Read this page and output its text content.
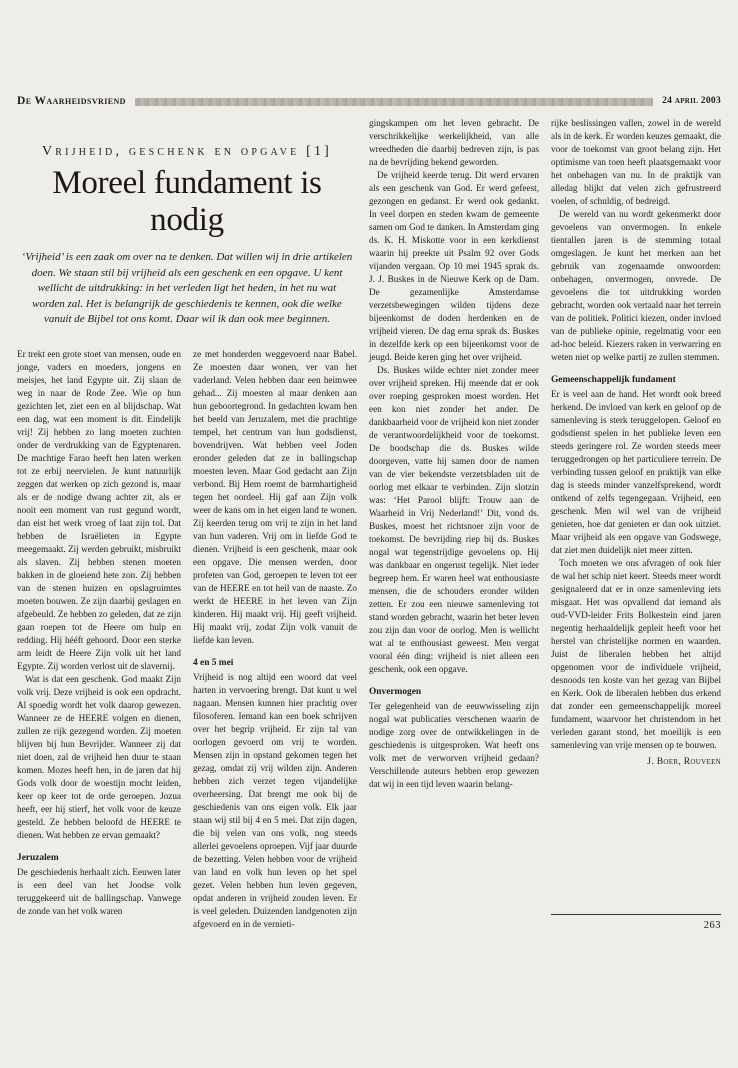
De Waarheidsvriend	24 april 2003
Vrijheid, geschenk en opgave [1]
Moreel fundament is nodig
‘Vrijheid’ is een zaak om over na te denken. Dat willen wij in drie artikelen doen. We staan stil bij vrijheid als een geschenk en een opgave. U kent wellicht de uitdrukking: in het verleden ligt het heden, in het nu wat worden zal. Het is belangrijk de geschiedenis te kennen, ook die welke vanuit de Bijbel tot ons komt. Daar wil ik dan ook mee beginnen.

Er trekt een grote stoet van mensen, oude en jonge, vaders en moeders, jongens en meisjes, het land Egypte uit. Zij slaan de weg in naar de Rode Zee. Wie op hun gezichten let, ziet een en al blijdschap. Wat een dag, wat een moment is dit. Eindelijk vrij! Zij hebben zo lang moeten zuchten onder de verdrukking van de Egyptenaren. De machtige Farao heeft hen laten werken tot ze erbij neervielen. Je kunt natuurlijk zeggen dat werken op zich gezond is, maar als er de nodige dwang achter zit, als er nooit een moment van rust gegund wordt, dan eist het werk vroeg of laat zijn tol. Dat hebben de Israëlieten in Egypte meegemaakt. Zij werden gebruikt, misbruikt als slaven. Zij hebben stenen moeten bakken in de gloeiend hete zon. Zij hebben van de stenen huizen en opslagruimtes moeten bouwen. Ze zijn daarbij geslagen en afgebeuld. Ze hebben zo geleden, dat ze zijn gaan roepen tot de Heere om hulp en redding. Hij hééft gehoord. Door een sterke arm leidt de Heere Zijn volk uit het land Egypte. Zij worden verlost uit de slavernij.

Wat is dat een geschenk. God maakt Zijn volk vrij. Deze vrijheid is ook een opdracht. Al spoedig wordt het volk daarop gewezen. Wanneer ze de HEERE volgen en dienen, zullen ze rijk gezegend worden. Zij moeten blijven bij hun Bevrijder. Wanneer zij dat niet doen, zal de vrijheid hen duur te staan komen. Mozes heeft hen, in de jaren dat hij Gods volk door de woestijn mocht leiden, keer op keer tot de orde geroepen. Jozua heeft, eer hij stierf, het volk voor de keuze gesteld. Ze hebben beloofd de HEERE te dienen. Wat hebben ze ervan gemaakt?

Jeruzalem

De geschiedenis herhaalt zich. Eeuwen later is een deel van het Joodse volk teruggekeerd uit de ballingschap. Vanwege de zonde van het volk waren

ze met honderden weggevoerd naar Babel. Ze moesten daar wonen, ver van het vaderland. Velen hebben daar een heimwee gehad... Zij moesten al maar denken aan hun geboortegrond. In gedachten kwam hen het beeld van Jeruzalem, met die prachtige tempel, het centrum van hun godsdienst, bovendrijven. Wat hebben veel Joden eronder geleden dat ze in ballingschap moesten leven. Maar God gedacht aan Zijn verbond. Bij Hem roemt de barmhartigheid tegen het oordeel. Hij gaf aan Zijn volk weer de kans om in het eigen land te wonen. Zij keerden terug om vrij te zijn in het land van hun vaderen. Vrij om in liefde God te dienen. Vrijheid is een geschenk, maar ook een opgave. Die mensen werden, door profeten van God, geroepen te leven tot eer van de HEERE en tot heil van de naaste. Zo werkt de HEERE in het leven van Zijn kinderen. Hij maakt vrij. Hij geeft vrijheid. Hij maakt vrij, zodat Zijn volk vanuit de liefde kan leven.

4 en 5 mei

Vrijheid is nog altijd een woord dat veel harten in vervoering brengt. Dat kunt u wel nagaan. Mensen kunnen hier prachtig over filosoferen. Iemand kan een boek schrijven over het begrip vrijheid. Er zijn tal van oorlogen gevoerd om vrij te worden. Mensen zijn in opstand gekomen tegen het gezag, omdat zij vrij wilden zijn. Anderen hebben zich verzet tegen vijandelijke overheersing. Dat brengt me ook bij de geschiedenis van ons eigen volk. Elk jaar staan wij stil bij 4 en 5 mei. Dat zijn dagen, die bij velen van ons volk, nog steeds allerlei gevoelens oproepen. Vijf jaar duurde de bezetting. Velen hebben voor de vrijheid van land en volk hun leven op het spel gezet. Velen hebben hun leven gegeven, opdat anderen in vrijheid zouden leven. Er is veel geleden. Duizenden landgenoten zijn afgevoerd en in de vernieti-

gingskampen om het leven gebracht. De verschrikkelijke werkelijkheid, van alle wreedheden die daarbij bedreven zijn, is pas na de bevrijding bekend geworden.

De vrijheid keerde terug. Dit werd ervaren als een geschenk van God. Er werd gefeest, gezongen en gedanst. Er werd ook gedankt. In veel dorpen en steden kwam de gemeente samen om God te danken. In Amsterdam ging ds. K. H. Miskotte voor in een kerkdienst waarin hij preekte uit Psalm 92 over Gods vijanden vergaan. Op 10 mei 1945 sprak ds. J. J. Buskes in de Nieuwe Kerk op de Dam. De gezamenlijke Amsterdamse verzetsbewegingen wilden tijdens deze bijeenkomst de doden herdenken en de vrijheid vieren. De dag erna sprak ds. Buskes in dezelfde kerk op een bijeenkomst voor de jeugd. Beide keren ging het over vrijheid.

Ds. Buskes wilde echter niet zonder meer over vrijheid spreken. Hij meende dat er ook over roeping gesproken moest worden. Het een kon niet zonder het ander. De dankbaarheid voor de vrijheid kon niet zonder de verantwoordelijkheid voor de toekomst. De boodschap die ds. Buskes wilde doorgeven, vatte hij samen door de namen van de vier bekendste verzetsbladen uit de oorlog met elkaar te verbinden. Zijn slotzin was: ‘Het Parool blijft: Trouw aan de Waarheid in Vrij Nederland!’ Dit, vond ds. Buskes, moest het richtsnoer zijn voor de toekomst. De bevrijding riep bij ds. Buskes nogal wat tegenstrijdige gevoelens op. Hij was dankbaar en ongerust tegelijk. Niet ieder begreep hem. Er waren heel wat enthousiaste mensen, die de schouders eronder wilden zetten. Er zou een nieuwe samenleving tot stand worden gebracht, waarin het beter leven zou zijn dan voor de oorlog. Men is wellicht wat al te enthousiast geweest. Men vergat vooral één ding: vrijheid is niet alleen een geschenk, ook een opgave.

Onvermogen

Ter gelegenheid van de eeuwwisseling zijn nogal wat publicaties verschenen waarin de nodige zorg over de ontwikkelingen in de geschiedenis is uitgesproken. Wat heeft ons volk met de verworven vrijheid gedaan? Verschillende auteurs hebben erop gewezen dat wij in een tijd leven waarin belang-

rijke beslissingen vallen, zowel in de wereld als in de kerk. Er worden keuzes gemaakt, die voor de toekomst van groot belang zijn. Het optimisme van toen heeft plaatsgemaakt voor het onbehagen van nu. In de praktijk van alledag blijkt dat velen zich gefrustreerd voelen, of schuldig, of bedreigd.

De wereld van nu wordt gekenmerkt door gevoelens van onvermogen. In enkele tientallen jaren is de stemming totaal omgeslagen. Je kunt het merken aan het gebruik van zogenaamde onwoorden: onbehagen, onvermogen, onvrede. De gevoelens die tot uitdrukking worden gebracht, worden ook vertaald naar het terrein van de politiek. Politici kiezen, onder invloed van de publieke opinie, regelmatig voor een ad-hoc beleid. Kiezers raken in verwarring en weten niet op welke partij ze zullen stemmen.

Gemeenschappelijk fundament

Er is veel aan de hand. Het wordt ook breed herkend. De invloed van kerk en geloof op de samenleving is sterk teruggelopen. Geloof en godsdienst spelen in het publieke leven een steeds geringere rol. Ze worden steeds meer teruggedrongen op het particuliere terrein. De verbinding tussen geloof en praktijk van elke dag is steeds minder vanzelfsprekend, wordt ontkend of zelfs tegengegaan. Vrijheid, een geschenk. Men wil wel van de vrijheid genieten, hoe dat genieten er dan ook uitziet. Maar vrijheid als een opgave van Godswege, dat ziet men duidelijk niet meer zitten.

Toch moeten we ons afvragen of ook hier de wal het schip niet keert. Steeds meer wordt gesignaleerd dat er in onze samenleving iets misgaat. Het was opvallend dat iemand als oud-VVD-leider Frits Bolkestein eind jaren negentig herhaaldelijk gepleit heeft voor het herstel van christelijke normen en waarden. Juist de liberalen hebben het altijd opgenomen voor de individuele vrijheid, desnoods ten koste van het gezag van Bijbel en Kerk. Ook de liberalen hebben dus erkend dat zonder een gemeenschappelijk moreel fundament, waarvoor het christendom in het verleden garant stond, het moeilijk is een samenleving van vrije mensen op te bouwen.

J. Boer, Rouveen
263
